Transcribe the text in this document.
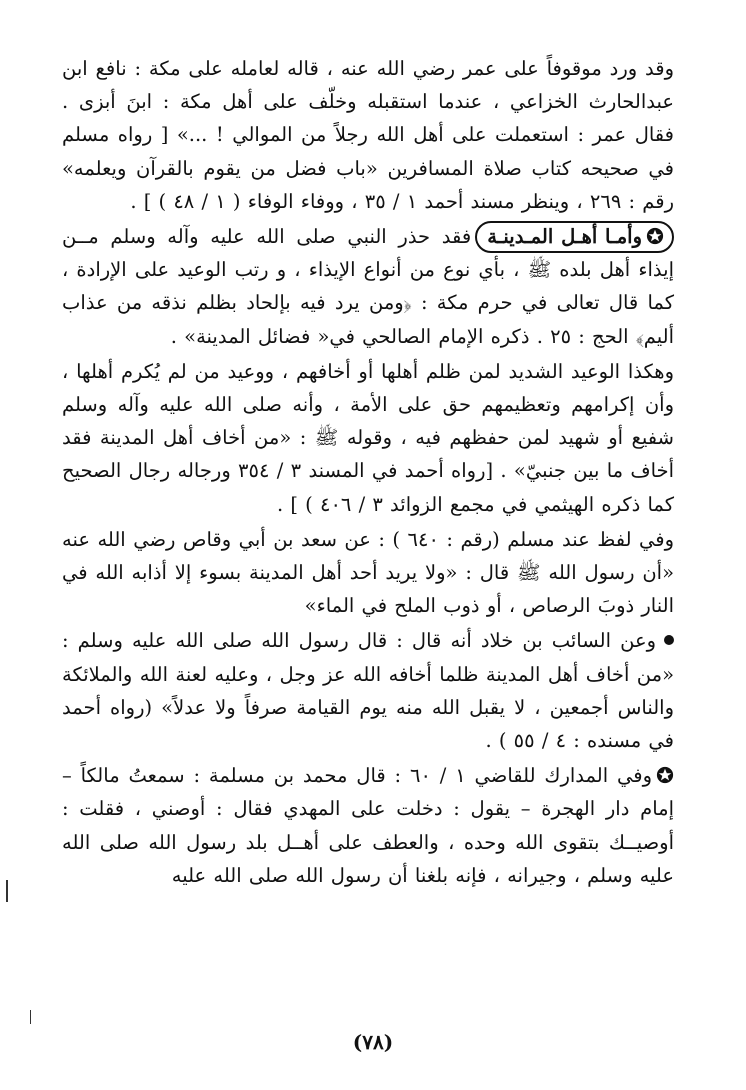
وقد ورد موقوفاً على عمر رضي الله عنه ، قاله لعامله على مكة : نافع ابن عبدالحارث الخزاعي ، عندما استقبله وخلّف على أهل مكة : ابنَ أبزى . فقال عمر : استعملت على أهل الله رجلاً من الموالي ! ...» [ رواه مسلم في صحيحه كتاب صلاة المسافرين «باب فضل من يقوم بالقرآن ويعلمه» رقم : ٢٦٩ ، وينظر مسند أحمد ١ / ٣٥ ، ووفاء الوفاء ( ١ / ٤٨ ) ] .

وأمـا أهـل المـدينـةفقد حذر النبي صلى الله عليه وآله وسلم مــن إيذاء أهل بلده ﷺ ، بأي نوع من أنواع الإيذاء ، و رتب الوعيد على الإرادة ، كما قال تعالى في حرم مكة : ﴿ومن يرد فيه بإلحاد بظلم نذقه من عذاب أليم﴾ الحج : ٢٥ . ذكره الإمام الصالحي في« فضائل المدينة» .

وهكذا الوعيد الشديد لمن ظلم أهلها أو أخافهم ، ووعيد من لم يُكرم أهلها ، وأن إكرامهم وتعظيمهم حق على الأمة ، وأنه صلى الله عليه وآله وسلم شفيع أو شهيد لمن حفظهم فيه ، وقوله ﷺ : «من أخاف أهل المدينة فقد أخاف ما بين جنبيّ» . [رواه أحمد في المسند ٣ / ٣٥٤ ورجاله رجال الصحيح كما ذكره الهيثمي في مجمع الزوائد ٣ / ٤٠٦ ) ] .

وفي لفظ عند مسلم (رقم : ٦٤٠ ) : عن سعد بن أبي وقاص رضي الله عنه «أن رسول الله ﷺ قال : «ولا يريد أحد أهل المدينة بسوء إلا أذابه الله في النار ذوبَ الرصاص ، أو ذوب الملح في الماء»

وعن السائب بن خلاد أنه قال : قال رسول الله صلى الله عليه وسلم : «من أخاف أهل المدينة ظلما أخافه الله عز وجل ، وعليه لعنة الله والملائكة والناس أجمعين ، لا يقبل الله منه يوم القيامة صرفاً ولا عدلاً» (رواه أحمد في مسنده : ٤ / ٥٥ ) .

وفي المدارك للقاضي ١ / ٦٠ : قال محمد بن مسلمة : سمعتُ مالكاً – إمام دار الهجرة – يقول : دخلت على المهدي فقال : أوصني ، فقلت : أوصيــك بتقوى الله وحده ، والعطف على أهــل بلد رسول الله صلى الله عليه وسلم ، وجيرانه ، فإنه بلغنا أن رسول الله صلى الله عليه

(٧٨)
